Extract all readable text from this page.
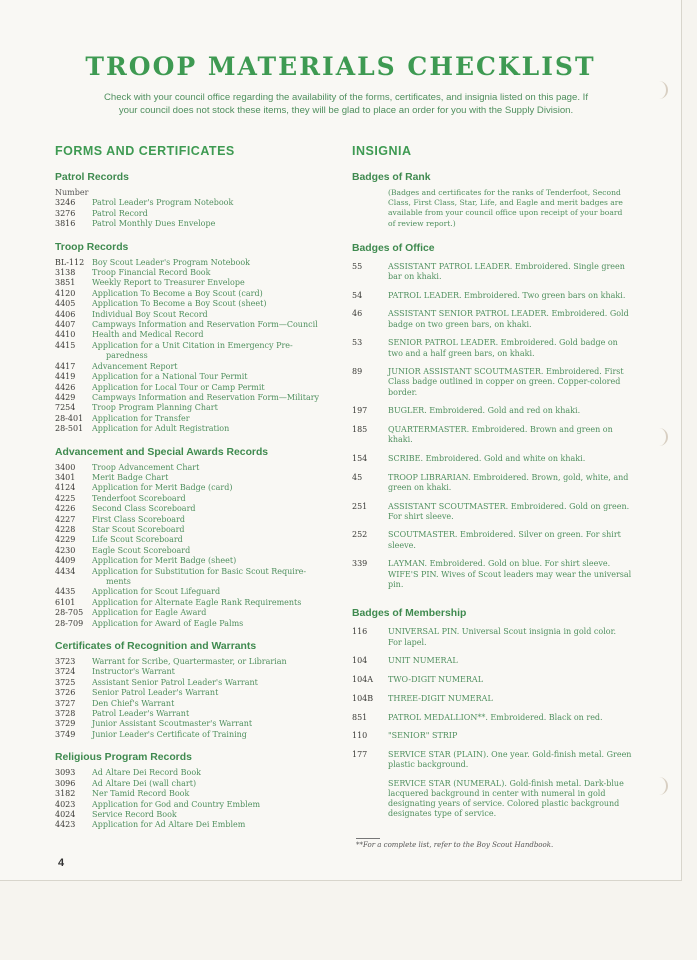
TROOP MATERIALS CHECKLIST

Check with your council office regarding the availability of the forms, certificates, and insignia listed on this page. If your council does not stock these items, they will be glad to place an order for you with the Supply Division.

FORMS AND CERTIFICATES
Patrol Records

Number

3246	Patrol Leader's Program Notebook
3276	Patrol Record
3816	Patrol Monthly Dues Envelope
Troop Records
BL-112 Boy Scout Leader's Program Notebook
3138	Troop Financial Record Book
3851	Weekly Report to Treasurer Envelope
4120	Application To Become a Boy Scout (card)
4405	Application To Become a Boy Scout (sheet)
4406	Individual Boy Scout Record
4407	Campways Information and Reservation Form—Council
4410	Health and Medical Record
4415	Application for a Unit Citation in Emergency Pre-
paredness
4417	Advancement Report
4419	Application for a National Tour Permit
4426	Application for Local Tour or Camp Permit
4429	Campways Information and Reservation Form—Military
7254	Troop Program Planning Chart
28-401	Application for Transfer
28-501	Application for Adult Registration
Advancement and Special Awards Records
3400	Troop Advancement Chart
3401	Merit Badge Chart
4124	Application for Merit Badge (card)
4225	Tenderfoot Scoreboard
4226	Second Class Scoreboard
4227	First Class Scoreboard
4228	Star Scout Scoreboard
4229	Life Scout Scoreboard
4230	Eagle Scout Scoreboard
4409	Application for Merit Badge (sheet)
4434	Application for Substitution for Basic Scout Require-
ments
4435	Application for Scout Lifeguard
6101	Application for Alternate Eagle Rank Requirements
28-705	Application for Eagle Award
28-709	Application for Award of Eagle Palms
Certificates of Recognition and Warrants
3723	Warrant for Scribe, Quartermaster, or Librarian
3724	Instructor's Warrant
3725	Assistant Senior Patrol Leader's Warrant
3726	Senior Patrol Leader's Warrant
3727	Den Chief's Warrant
3728	Patrol Leader's Warrant
3729	Junior Assistant Scoutmaster's Warrant
3749	Junior Leader's Certificate of Training
Religious Program Records
3093	Ad Altare Dei Record Book
3096	Ad Altare Dei (wall chart)
3182	Ner Tamid Record Book
4023	Application for God and Country Emblem
4024	Service Record Book
4423	Application for Ad Altare Dei Emblem
INSIGNIA
Badges of Rank

(Badges and certificates for the ranks of Tenderfoot, Second Class, First Class, Star, Life, and Eagle and merit badges are available from your council office upon receipt of your board of review report.)

Badges of Office
55	ASSISTANT PATROL LEADER. Embroidered. Single green bar on khaki.
54	PATROL LEADER. Embroidered. Two green bars on khaki.
46	ASSISTANT SENIOR PATROL LEADER. Embroidered. Gold badge on two green bars, on khaki.
53	SENIOR PATROL LEADER. Embroidered. Gold badge on two and a half green bars, on khaki.
89	JUNIOR ASSISTANT SCOUTMASTER. Embroidered. First Class badge outlined in copper on green. Copper-colored border.
197	BUGLER. Embroidered. Gold and red on khaki.
185	QUARTERMASTER. Embroidered. Brown and green on khaki.
154	SCRIBE. Embroidered. Gold and white on khaki.
45	TROOP LIBRARIAN. Embroidered. Brown, gold, white, and green on khaki.
251	ASSISTANT SCOUTMASTER. Embroidered. Gold on green. For shirt sleeve.
252	SCOUTMASTER. Embroidered. Silver on green. For shirt sleeve.
339	LAYMAN. Embroidered. Gold on blue. For shirt sleeve. WIFE'S PIN. Wives of Scout leaders may wear the universal pin.
Badges of Membership
116	UNIVERSAL PIN. Universal Scout insignia in gold color. For lapel.
104	UNIT NUMERAL
104A	TWO-DIGIT NUMERAL
104B	THREE-DIGIT NUMERAL
851	PATROL MEDALLION**. Embroidered. Black on red.
110	"SENIOR" STRIP
177	SERVICE STAR (PLAIN). One year. Gold-finish metal. Green plastic background.
SERVICE STAR (NUMERAL). Gold-finish metal. Dark-blue lacquered background in center with numeral in gold designating years of service. Colored plastic background designates type of service.
**For a complete list, refer to the Boy Scout Handbook.
4
